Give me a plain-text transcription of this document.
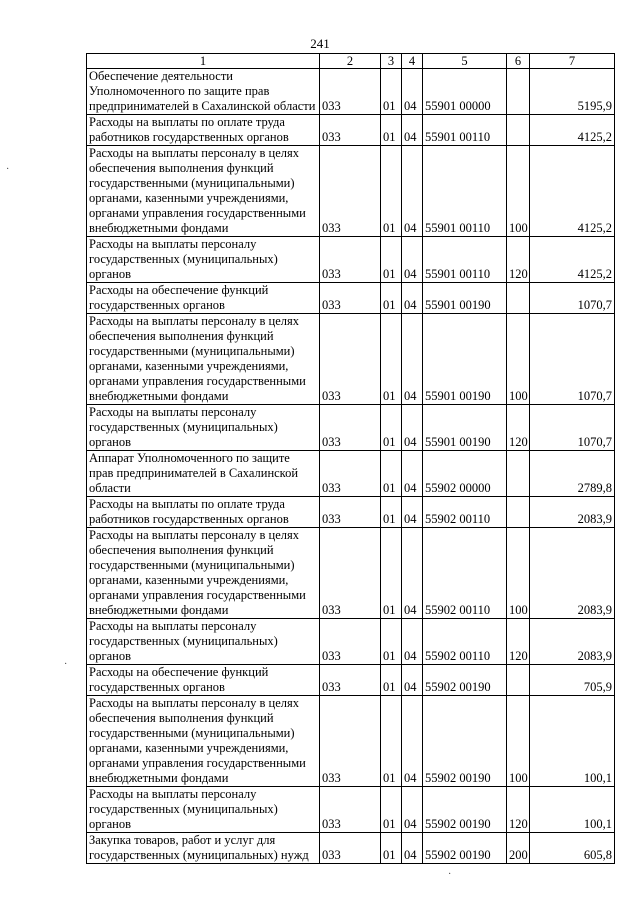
241
·
·
·
1	2	3	4	5	6	7
Обеспечение деятельности Уполномоченного по защите прав предпринимателей в Сахалинской области	033	01	04	55901 00000		5195,9
Расходы на выплаты по оплате труда работников государственных органов	033	01	04	55901 00110		4125,2
Расходы на выплаты персоналу в целях обеспечения выполнения функций государственными (муниципальными) органами, казенными учреждениями, органами управления государственными внебюджетными фондами	033	01	04	55901 00110	100	4125,2
Расходы на выплаты персоналу государственных (муниципальных) органов	033	01	04	55901 00110	120	4125,2
Расходы на обеспечение функций государственных органов	033	01	04	55901 00190		1070,7
Расходы на выплаты персоналу в целях обеспечения выполнения функций государственными (муниципальными) органами, казенными учреждениями, органами управления государственными внебюджетными фондами	033	01	04	55901 00190	100	1070,7
Расходы на выплаты персоналу государственных (муниципальных) органов	033	01	04	55901 00190	120	1070,7
Аппарат Уполномоченного по защите прав предпринимателей в Сахалинской области	033	01	04	55902 00000		2789,8
Расходы на выплаты по оплате труда работников государственных органов	033	01	04	55902 00110		2083,9
Расходы на выплаты персоналу в целях обеспечения выполнения функций государственными (муниципальными) органами, казенными учреждениями, органами управления государственными внебюджетными фондами	033	01	04	55902 00110	100	2083,9
Расходы на выплаты персоналу государственных (муниципальных) органов	033	01	04	55902 00110	120	2083,9
Расходы на обеспечение функций государственных органов	033	01	04	55902 00190		705,9
Расходы на выплаты персоналу в целях обеспечения выполнения функций государственными (муниципальными) органами, казенными учреждениями, органами управления государственными внебюджетными фондами	033	01	04	55902 00190	100	100,1
Расходы на выплаты персоналу государственных (муниципальных) органов	033	01	04	55902 00190	120	100,1
Закупка товаров, работ и услуг для государственных (муниципальных) нужд	033	01	04	55902 00190	200	605,8
